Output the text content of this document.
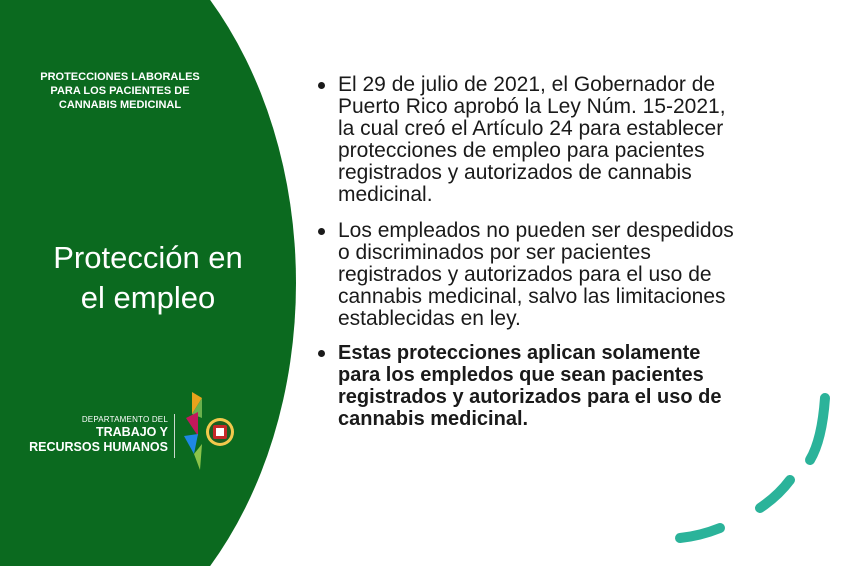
PROTECCIONES LABORALES
PARA LOS PACIENTES DE
CANNABIS MEDICINAL
Protección en
el empleo
DEPARTAMENTO DEL
TRABAJO Y
RECURSOS HUMANOS
El 29 de julio de 2021, el Gobernador de
Puerto Rico aprobó la Ley Núm. 15-2021,
la cual creó el Artículo 24 para establecer
protecciones de empleo para pacientes
registrados y autorizados de cannabis
medicinal.
Los empleados no pueden ser despedidos
o discriminados por ser pacientes
registrados y autorizados para el uso de
cannabis medicinal, salvo las limitaciones
establecidas en ley.
Estas protecciones aplican solamente
para los empledos que sean pacientes
registrados y autorizados para el uso de
cannabis medicinal.
